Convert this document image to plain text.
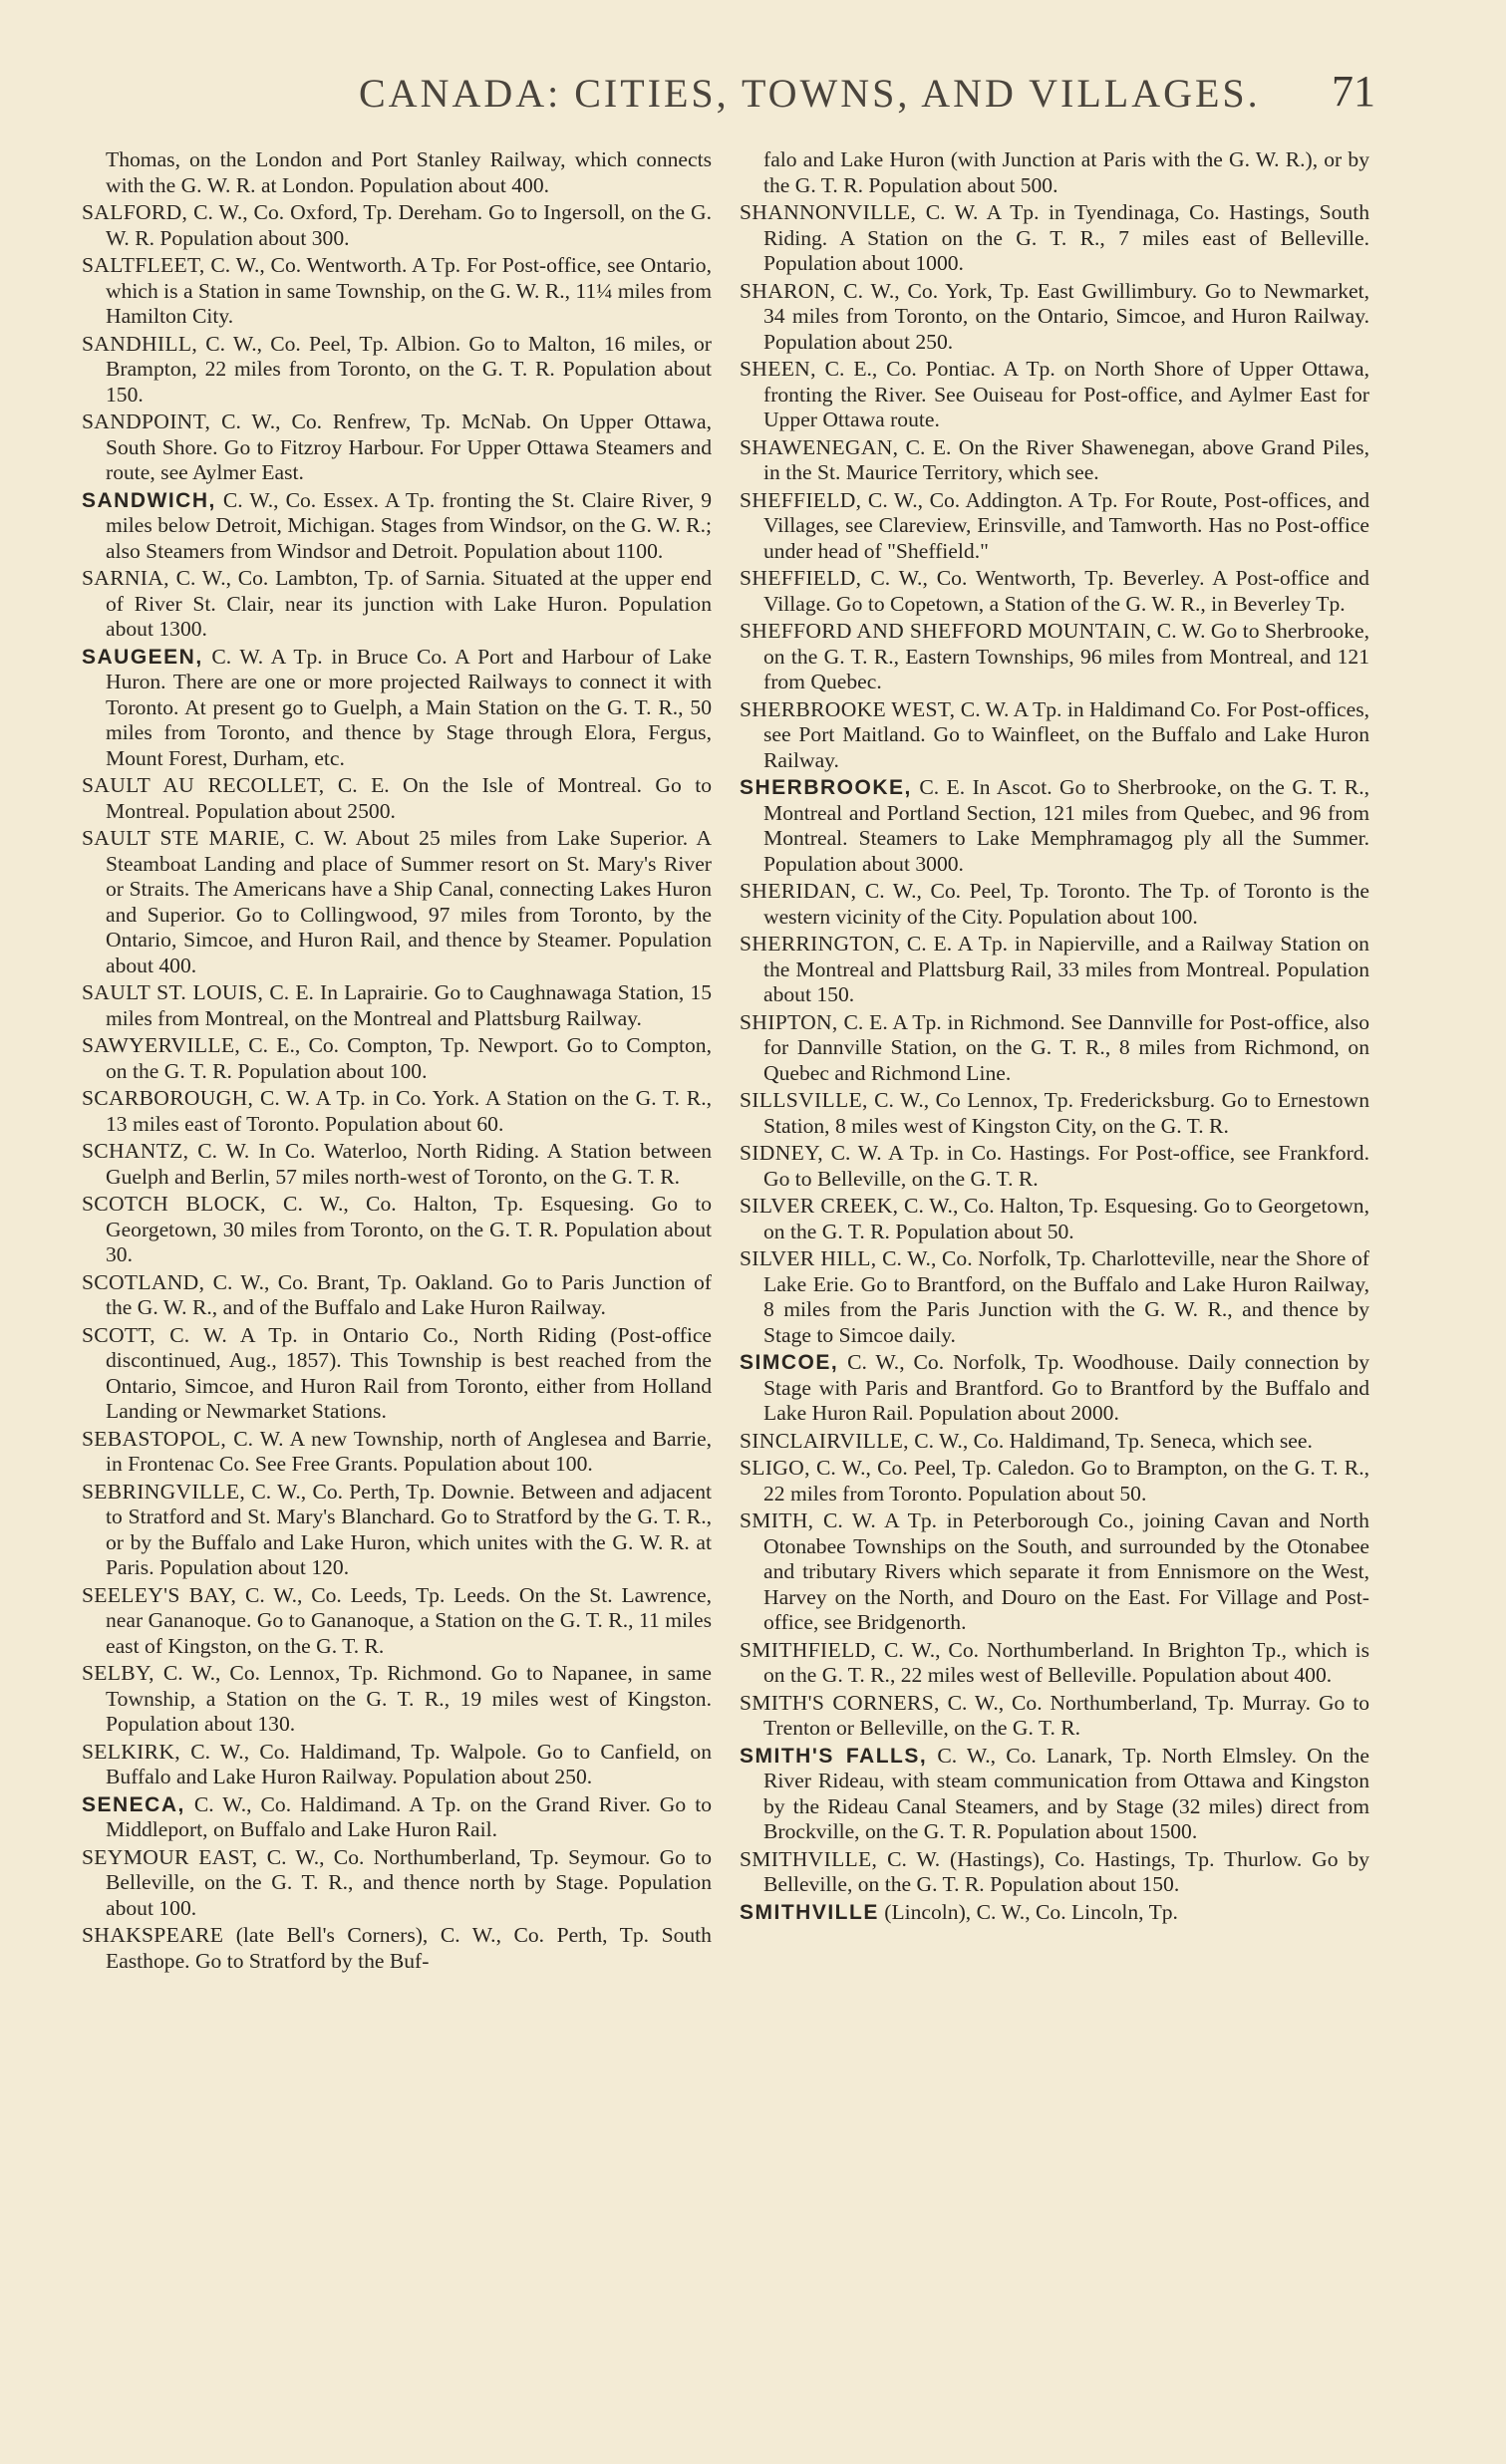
CANADA: CITIES, TOWNS, AND VILLAGES. 71

Thomas, on the London and Port Stanley Railway, which connects with the G. W. R. at London. Population about 400.

SALFORD, C. W., Co. Oxford, Tp. Dereham. Go to Ingersoll, on the G. W. R. Population about 300.

SALTFLEET, C. W., Co. Wentworth. A Tp. For Post-office, see Ontario, which is a Station in same Township, on the G. W. R., 11¼ miles from Hamilton City.

SANDHILL, C. W., Co. Peel, Tp. Albion. Go to Malton, 16 miles, or Brampton, 22 miles from Toronto, on the G. T. R. Population about 150.

SANDPOINT, C. W., Co. Renfrew, Tp. McNab. On Upper Ottawa, South Shore. Go to Fitzroy Harbour. For Upper Ottawa Steamers and route, see Aylmer East.

SANDWICH, C. W., Co. Essex. A Tp. fronting the St. Claire River, 9 miles below Detroit, Michigan. Stages from Windsor, on the G. W. R.; also Steamers from Windsor and Detroit. Population about 1100.

SARNIA, C. W., Co. Lambton, Tp. of Sarnia. Situated at the upper end of River St. Clair, near its junction with Lake Huron. Population about 1300.

SAUGEEN, C. W. A Tp. in Bruce Co. A Port and Harbour of Lake Huron. There are one or more projected Railways to connect it with Toronto. At present go to Guelph, a Main Station on the G. T. R., 50 miles from Toronto, and thence by Stage through Elora, Fergus, Mount Forest, Durham, etc.

SAULT AU RECOLLET, C. E. On the Isle of Montreal. Go to Montreal. Population about 2500.

SAULT STE MARIE, C. W. About 25 miles from Lake Superior. A Steamboat Landing and place of Summer resort on St. Mary's River or Straits. The Americans have a Ship Canal, connecting Lakes Huron and Superior. Go to Collingwood, 97 miles from Toronto, by the Ontario, Simcoe, and Huron Rail, and thence by Steamer. Population about 400.

SAULT ST. LOUIS, C. E. In Laprairie. Go to Caughnawaga Station, 15 miles from Montreal, on the Montreal and Plattsburg Railway.

SAWYERVILLE, C. E., Co. Compton, Tp. Newport. Go to Compton, on the G. T. R. Population about 100.

SCARBOROUGH, C. W. A Tp. in Co. York. A Station on the G. T. R., 13 miles east of Toronto. Population about 60.

SCHANTZ, C. W. In Co. Waterloo, North Riding. A Station between Guelph and Berlin, 57 miles north-west of Toronto, on the G. T. R.

SCOTCH BLOCK, C. W., Co. Halton, Tp. Esquesing. Go to Georgetown, 30 miles from Toronto, on the G. T. R. Population about 30.

SCOTLAND, C. W., Co. Brant, Tp. Oakland. Go to Paris Junction of the G. W. R., and of the Buffalo and Lake Huron Railway.

SCOTT, C. W. A Tp. in Ontario Co., North Riding (Post-office discontinued, Aug., 1857). This Township is best reached from the Ontario, Simcoe, and Huron Rail from Toronto, either from Holland Landing or Newmarket Stations.

SEBASTOPOL, C. W. A new Township, north of Anglesea and Barrie, in Frontenac Co. See Free Grants. Population about 100.

SEBRINGVILLE, C. W., Co. Perth, Tp. Downie. Between and adjacent to Stratford and St. Mary's Blanchard. Go to Stratford by the G. T. R., or by the Buffalo and Lake Huron, which unites with the G. W. R. at Paris. Population about 120.

SEELEY'S BAY, C. W., Co. Leeds, Tp. Leeds. On the St. Lawrence, near Gananoque. Go to Gananoque, a Station on the G. T. R., 11 miles east of Kingston, on the G. T. R.

SELBY, C. W., Co. Lennox, Tp. Richmond. Go to Napanee, in same Township, a Station on the G. T. R., 19 miles west of Kingston. Population about 130.

SELKIRK, C. W., Co. Haldimand, Tp. Walpole. Go to Canfield, on Buffalo and Lake Huron Railway. Population about 250.

SENECA, C. W., Co. Haldimand. A Tp. on the Grand River. Go to Middleport, on Buffalo and Lake Huron Rail.

SEYMOUR EAST, C. W., Co. Northumberland, Tp. Seymour. Go to Belleville, on the G. T. R., and thence north by Stage. Population about 100.

SHAKSPEARE (late Bell's Corners), C. W., Co. Perth, Tp. South Easthope. Go to Stratford by the Buf-

falo and Lake Huron (with Junction at Paris with the G. W. R.), or by the G. T. R. Population about 500.

SHANNONVILLE, C. W. A Tp. in Tyendinaga, Co. Hastings, South Riding. A Station on the G. T. R., 7 miles east of Belleville. Population about 1000.

SHARON, C. W., Co. York, Tp. East Gwillimbury. Go to Newmarket, 34 miles from Toronto, on the Ontario, Simcoe, and Huron Railway. Population about 250.

SHEEN, C. E., Co. Pontiac. A Tp. on North Shore of Upper Ottawa, fronting the River. See Ouiseau for Post-office, and Aylmer East for Upper Ottawa route.

SHAWENEGAN, C. E. On the River Shawenegan, above Grand Piles, in the St. Maurice Territory, which see.

SHEFFIELD, C. W., Co. Addington. A Tp. For Route, Post-offices, and Villages, see Clareview, Erinsville, and Tamworth. Has no Post-office under head of "Sheffield."

SHEFFIELD, C. W., Co. Wentworth, Tp. Beverley. A Post-office and Village. Go to Copetown, a Station of the G. W. R., in Beverley Tp.

SHEFFORD AND SHEFFORD MOUNTAIN, C. W. Go to Sherbrooke, on the G. T. R., Eastern Townships, 96 miles from Montreal, and 121 from Quebec.

SHERBROOKE WEST, C. W. A Tp. in Haldimand Co. For Post-offices, see Port Maitland. Go to Wainfleet, on the Buffalo and Lake Huron Railway.

SHERBROOKE, C. E. In Ascot. Go to Sherbrooke, on the G. T. R., Montreal and Portland Section, 121 miles from Quebec, and 96 from Montreal. Steamers to Lake Memphramagog ply all the Summer. Population about 3000.

SHERIDAN, C. W., Co. Peel, Tp. Toronto. The Tp. of Toronto is the western vicinity of the City. Population about 100.

SHERRINGTON, C. E. A Tp. in Napierville, and a Railway Station on the Montreal and Plattsburg Rail, 33 miles from Montreal. Population about 150.

SHIPTON, C. E. A Tp. in Richmond. See Dannville for Post-office, also for Dannville Station, on the G. T. R., 8 miles from Richmond, on Quebec and Richmond Line.

SILLSVILLE, C. W., Co Lennox, Tp. Fredericksburg. Go to Ernestown Station, 8 miles west of Kingston City, on the G. T. R.

SIDNEY, C. W. A Tp. in Co. Hastings. For Post-office, see Frankford. Go to Belleville, on the G. T. R.

SILVER CREEK, C. W., Co. Halton, Tp. Esquesing. Go to Georgetown, on the G. T. R. Population about 50.

SILVER HILL, C. W., Co. Norfolk, Tp. Charlotteville, near the Shore of Lake Erie. Go to Brantford, on the Buffalo and Lake Huron Railway, 8 miles from the Paris Junction with the G. W. R., and thence by Stage to Simcoe daily.

SIMCOE, C. W., Co. Norfolk, Tp. Woodhouse. Daily connection by Stage with Paris and Brantford. Go to Brantford by the Buffalo and Lake Huron Rail. Population about 2000.

SINCLAIRVILLE, C. W., Co. Haldimand, Tp. Seneca, which see.

SLIGO, C. W., Co. Peel, Tp. Caledon. Go to Brampton, on the G. T. R., 22 miles from Toronto. Population about 50.

SMITH, C. W. A Tp. in Peterborough Co., joining Cavan and North Otonabee Townships on the South, and surrounded by the Otonabee and tributary Rivers which separate it from Ennismore on the West, Harvey on the North, and Douro on the East. For Village and Post-office, see Bridgenorth.

SMITHFIELD, C. W., Co. Northumberland. In Brighton Tp., which is on the G. T. R., 22 miles west of Belleville. Population about 400.

SMITH'S CORNERS, C. W., Co. Northumberland, Tp. Murray. Go to Trenton or Belleville, on the G. T. R.

SMITH'S FALLS, C. W., Co. Lanark, Tp. North Elmsley. On the River Rideau, with steam communication from Ottawa and Kingston by the Rideau Canal Steamers, and by Stage (32 miles) direct from Brockville, on the G. T. R. Population about 1500.

SMITHVILLE, C. W. (Hastings), Co. Hastings, Tp. Thurlow. Go by Belleville, on the G. T. R. Population about 150.

SMITHVILLE (Lincoln), C. W., Co. Lincoln, Tp.
